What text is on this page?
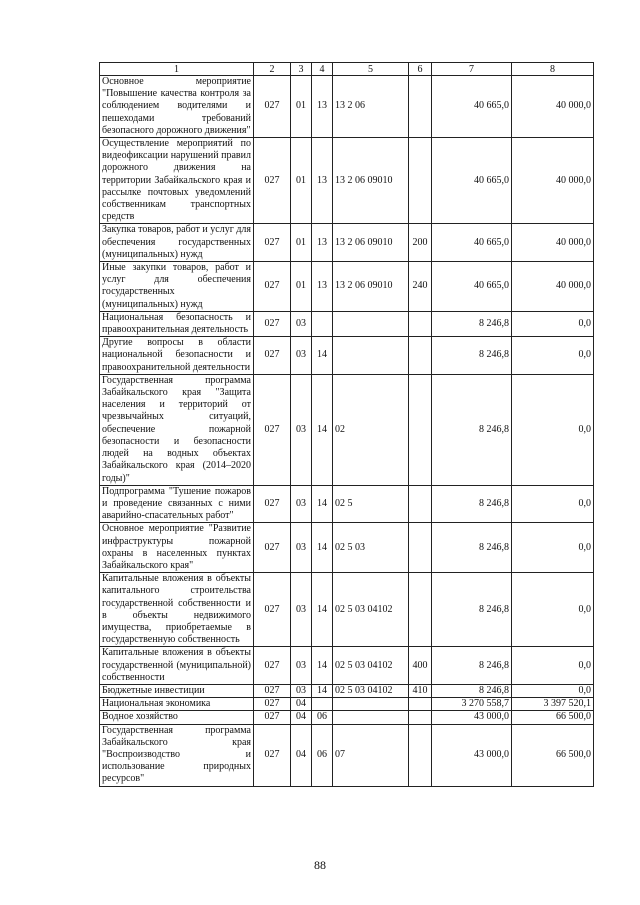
1	2	3	4	5	6	7	8
Основное мероприятие "Повышение качества контроля за соблюдением водителями и пешеходами требований безопасного дорожного движения"	027	01	13	13 2 06		40 665,0	40 000,0
Осуществление мероприятий по видеофиксации нарушений правил дорожного движения на территории Забайкальского края и рассылке почтовых уведомлений собственникам транспортных средств	027	01	13	13 2 06 09010		40 665,0	40 000,0
Закупка товаров, работ и услуг для обеспечения государственных (муниципальных) нужд	027	01	13	13 2 06 09010	200	40 665,0	40 000,0
Иные закупки товаров, работ и услуг для обеспечения государственных (муниципальных) нужд	027	01	13	13 2 06 09010	240	40 665,0	40 000,0
Национальная безопасность и правоохранительная деятельность	027	03				8 246,8	0,0
Другие вопросы в области национальной безопасности и правоохранительной деятельности	027	03	14			8 246,8	0,0
Государственная программа Забайкальского края "Защита населения и территорий от чрезвычайных ситуаций, обеспечение пожарной безопасности и безопасности людей на водных объектах Забайкальского края (2014–2020 годы)"	027	03	14	02		8 246,8	0,0
Подпрограмма "Тушение пожаров и проведение связанных с ними аварийно-спасательных работ"	027	03	14	02 5		8 246,8	0,0
Основное мероприятие "Развитие инфраструктуры пожарной охраны в населенных пунктах Забайкальского края"	027	03	14	02 5 03		8 246,8	0,0
Капитальные вложения в объекты капитального строительства государственной собственности и в объекты недвижимого имущества, приобретаемые в государственную собственность	027	03	14	02 5 03 04102		8 246,8	0,0
Капитальные вложения в объекты государственной (муниципальной) собственности	027	03	14	02 5 03 04102	400	8 246,8	0,0
Бюджетные инвестиции	027	03	14	02 5 03 04102	410	8 246,8	0,0
Национальная экономика	027	04				3 270 558,7	3 397 520,1
Водное хозяйство	027	04	06			43 000,0	66 500,0
Государственная программа Забайкальского края "Воспроизводство и использование природных ресурсов"	027	04	06	07		43 000,0	66 500,0
88
